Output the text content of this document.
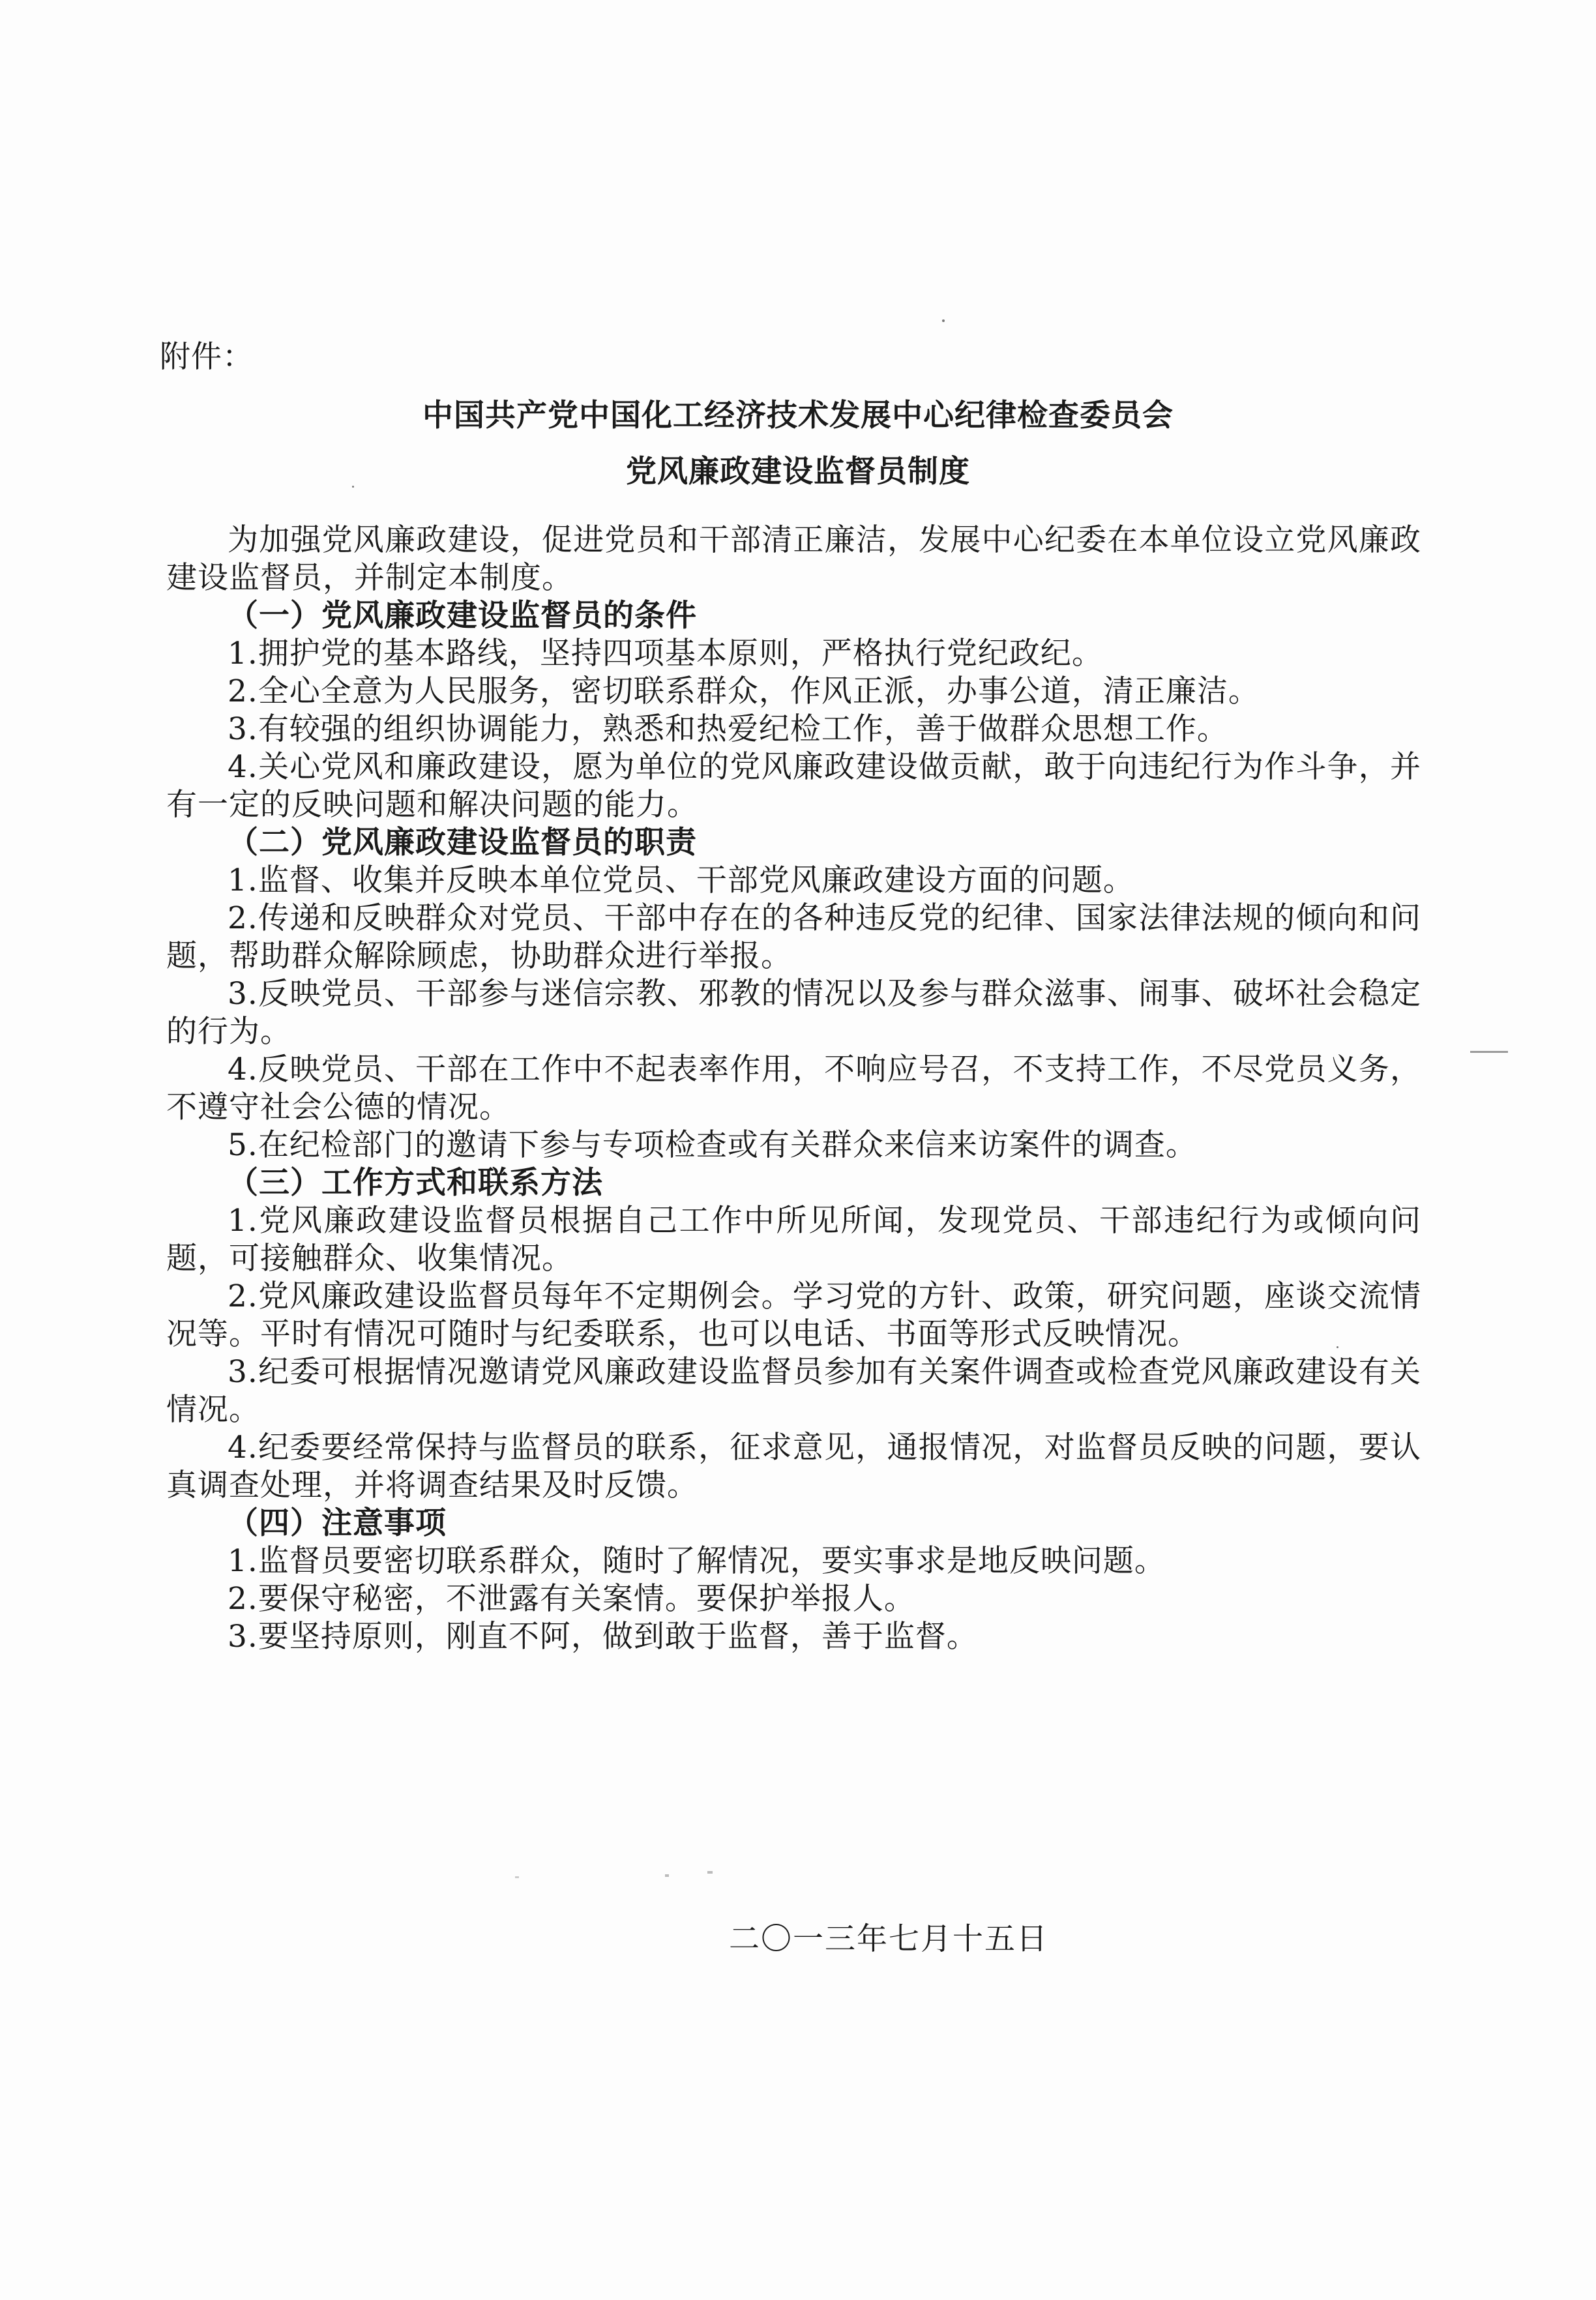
附件：
中国共产党中国化工经济技术发展中心纪律检查委员会
党风廉政建设监督员制度

为加强党风廉政建设，促进党员和干部清正廉洁，发展中心纪委在本单位设立党风廉政建设监督员，并制定本制度。

（一）党风廉政建设监督员的条件

1.拥护党的基本路线，坚持四项基本原则，严格执行党纪政纪。

2.全心全意为人民服务，密切联系群众，作风正派，办事公道，清正廉洁。

3.有较强的组织协调能力，熟悉和热爱纪检工作，善于做群众思想工作。

4.关心党风和廉政建设，愿为单位的党风廉政建设做贡献，敢于向违纪行为作斗争，并有一定的反映问题和解决问题的能力。

（二）党风廉政建设监督员的职责

1.监督、收集并反映本单位党员、干部党风廉政建设方面的问题。

2.传递和反映群众对党员、干部中存在的各种违反党的纪律、国家法律法规的倾向和问题，帮助群众解除顾虑，协助群众进行举报。

3.反映党员、干部参与迷信宗教、邪教的情况以及参与群众滋事、闹事、破坏社会稳定的行为。

4.反映党员、干部在工作中不起表率作用，不响应号召，不支持工作，不尽党员义务，不遵守社会公德的情况。

5.在纪检部门的邀请下参与专项检查或有关群众来信来访案件的调查。

（三）工作方式和联系方法

1.党风廉政建设监督员根据自己工作中所见所闻，发现党员、干部违纪行为或倾向问题，可接触群众、收集情况。

2.党风廉政建设监督员每年不定期例会。学习党的方针、政策，研究问题，座谈交流情况等。平时有情况可随时与纪委联系，也可以电话、书面等形式反映情况。

3.纪委可根据情况邀请党风廉政建设监督员参加有关案件调查或检查党风廉政建设有关情况。

4.纪委要经常保持与监督员的联系，征求意见，通报情况，对监督员反映的问题，要认真调查处理，并将调查结果及时反馈。

（四）注意事项

1.监督员要密切联系群众，随时了解情况，要实事求是地反映问题。

2.要保守秘密，不泄露有关案情。要保护举报人。

3.要坚持原则，刚直不阿，做到敢于监督，善于监督。

二〇一三年七月十五日
